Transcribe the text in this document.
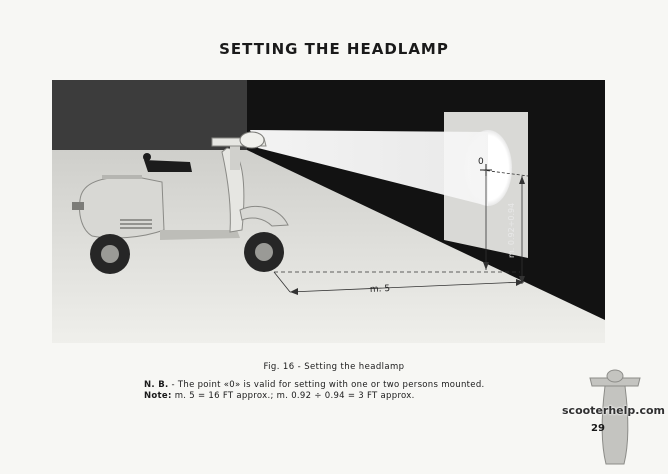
SETTING THE HEADLAMP
0
m. 5
m. 0.92÷0.94
Fig. 16 - Setting the headlamp
N. B. - The point «0» is valid for setting with one or two persons mounted.
Note: m. 5 = 16 FT approx.; m. 0.92 ÷ 0.94 = 3 FT approx.
scooterhelp.com
29
